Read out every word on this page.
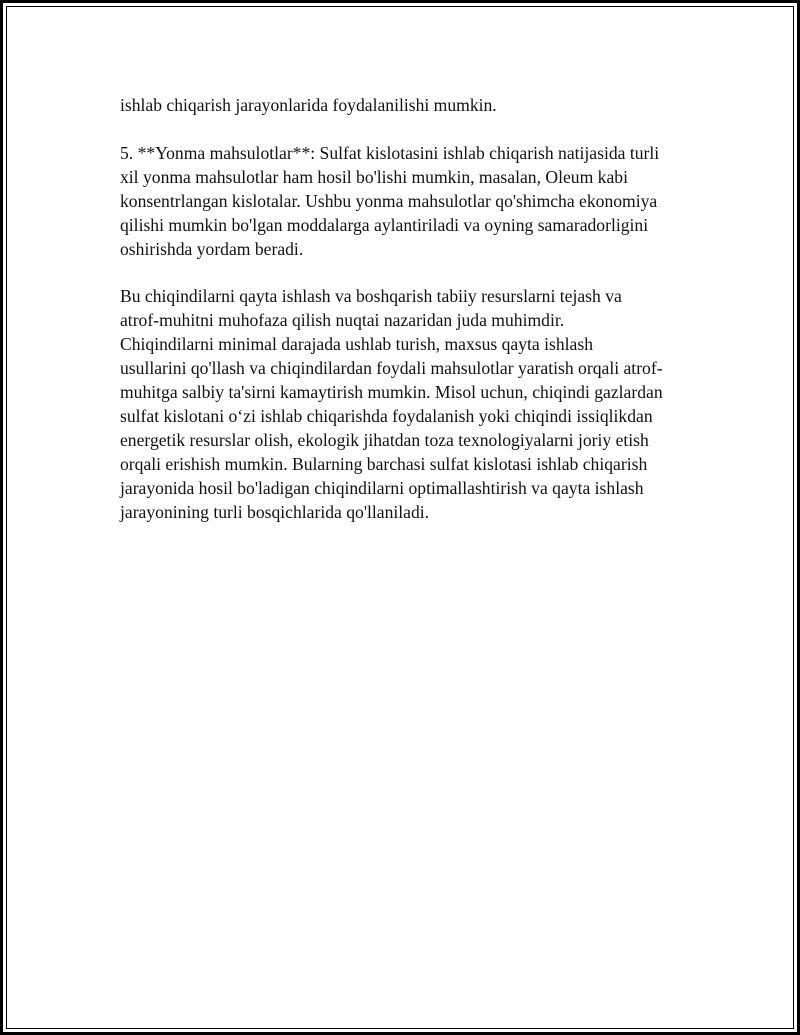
ishlab chiqarish jarayonlarida foydalanilishi mumkin.

5. **Yonma mahsulotlar**: Sulfat kislotasini ishlab chiqarish natijasida turli
xil yonma mahsulotlar ham hosil bo'lishi mumkin, masalan, Oleum kabi
konsentrlangan kislotalar. Ushbu yonma mahsulotlar qo'shimcha ekonomiya
qilishi mumkin bo'lgan moddalarga aylantiriladi va oyning samaradorligini
oshirishda yordam beradi.

Bu chiqindilarni qayta ishlash va boshqarish tabiiy resurslarni tejash va
atrof-muhitni muhofaza qilish nuqtai nazaridan juda muhimdir.
Chiqindilarni minimal darajada ushlab turish, maxsus qayta ishlash
usullarini qo'llash va chiqindilardan foydali mahsulotlar yaratish orqali atrof-
muhitga salbiy ta'sirni kamaytirish mumkin. Misol uchun, chiqindi gazlardan
sulfat kislotani o‘zi ishlab chiqarishda foydalanish yoki chiqindi issiqlikdan
energetik resurslar olish, ekologik jihatdan toza texnologiyalarni joriy etish
orqali erishish mumkin. Bularning barchasi sulfat kislotasi ishlab chiqarish
jarayonida hosil bo'ladigan chiqindilarni optimallashtirish va qayta ishlash
jarayonining turli bosqichlarida qo'llaniladi.
